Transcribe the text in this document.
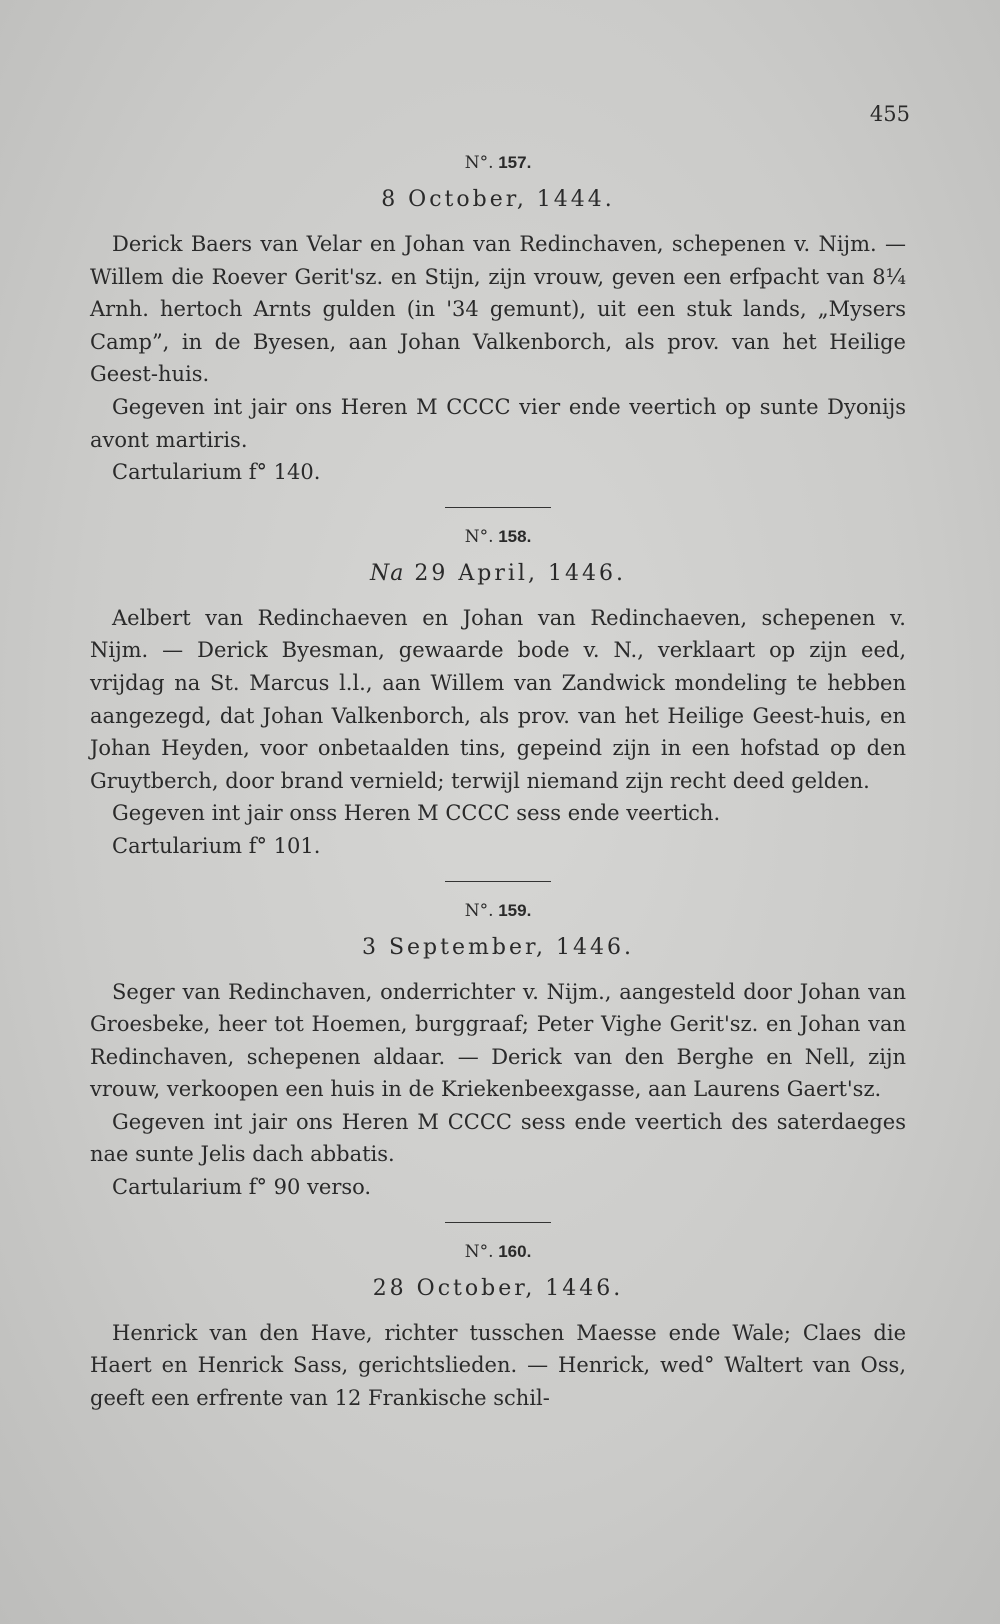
455
N°. 157.
8 October, 1444.

Derick Baers van Velar en Johan van Redinchaven, schepenen v. Nijm. — Willem die Roever Gerit'sz. en Stijn, zijn vrouw, geven een erfpacht van 8¼ Arnh. hertoch Arnts gulden (in '34 gemunt), uit een stuk lands, „Mysers Camp”, in de Byesen, aan Johan Valkenborch, als prov. van het Heilige Geest-huis.

Gegeven int jair ons Heren M CCCC vier ende veertich op sunte Dyonijs avont martiris.

Cartularium f° 140.

N°. 158.
Na 29 April, 1446.

Aelbert van Redinchaeven en Johan van Redinchaeven, schepenen v. Nijm. — Derick Byesman, gewaarde bode v. N., verklaart op zijn eed, vrijdag na St. Marcus l.l., aan Willem van Zandwick mondeling te hebben aangezegd, dat Johan Valkenborch, als prov. van het Heilige Geest-huis, en Johan Heyden, voor onbetaalden tins, gepeind zijn in een hofstad op den Gruytberch, door brand vernield; terwijl niemand zijn recht deed gelden.

Gegeven int jair onss Heren M CCCC sess ende veertich.

Cartularium f° 101.

N°. 159.
3 September, 1446.

Seger van Redinchaven, onderrichter v. Nijm., aangesteld door Johan van Groesbeke, heer tot Hoemen, burggraaf; Peter Vighe Gerit'sz. en Johan van Redinchaven, schepenen aldaar. — Derick van den Berghe en Nell, zijn vrouw, verkoopen een huis in de Kriekenbeexgasse, aan Laurens Gaert'sz.

Gegeven int jair ons Heren M CCCC sess ende veertich des saterdaeges nae sunte Jelis dach abbatis.

Cartularium f° 90 verso.

N°. 160.
28 October, 1446.

Henrick van den Have, richter tusschen Maesse ende Wale; Claes die Haert en Henrick Sass, gerichtslieden. — Henrick, wed° Waltert van Oss, geeft een erfrente van 12 Frankische schil-
